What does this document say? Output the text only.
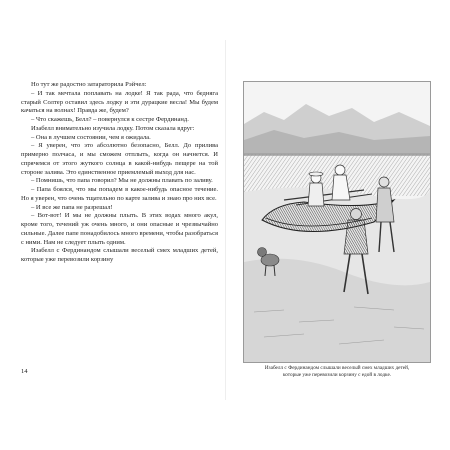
Но тут же радостно затараторила Рэйчел:

– И так мечтала поплавать на лодке! Я так рада, что бедняга старый Солтер оставил здесь лодку и эти дурацкие весла! Мы будем качаться на волнах! Правда же, будем?

– Что скажешь, Белл? – повернулся к сестре Фердинанд.

Изабелл внимательно изучила лодку. Потом сказала вдруг:

– Она в лучшем состоянии, чем я ожидала.

– Я уверен, что это абсолютно безопасно, Белл. До прилива примерно полчаса, и мы сможем отплыть, когда он начнется. И спрячемся от этого жуткого солнца в какой-нибудь пещере на той стороне залива. Это единственное приемлемый выход для нас.

– Помнишь, что папа говорил? Мы не должны плавать по заливу.

– Папа боялся, что мы попадем в какое-нибудь опасное течение. Но я уверен, что очень тщательно по карте залива и знаю про них все.

– И все же папа не разрешал!

– Вот-вот! И мы не должны плыть. В этих водах много акул, кроме того, течений уж очень много, и они опасные и чрезвычайно сильные. Далее папе понадобилось много времени, чтобы разобраться с ними. Нам не следует плыть одним.

Изабелл с Фердинандом слышали веселый смех младших детей, которые уже перевозили корзину

14	Изабелл с Фердинандом слышали веселый смех младших детей,
которые уже перевозили корзину с едой в лодке.
